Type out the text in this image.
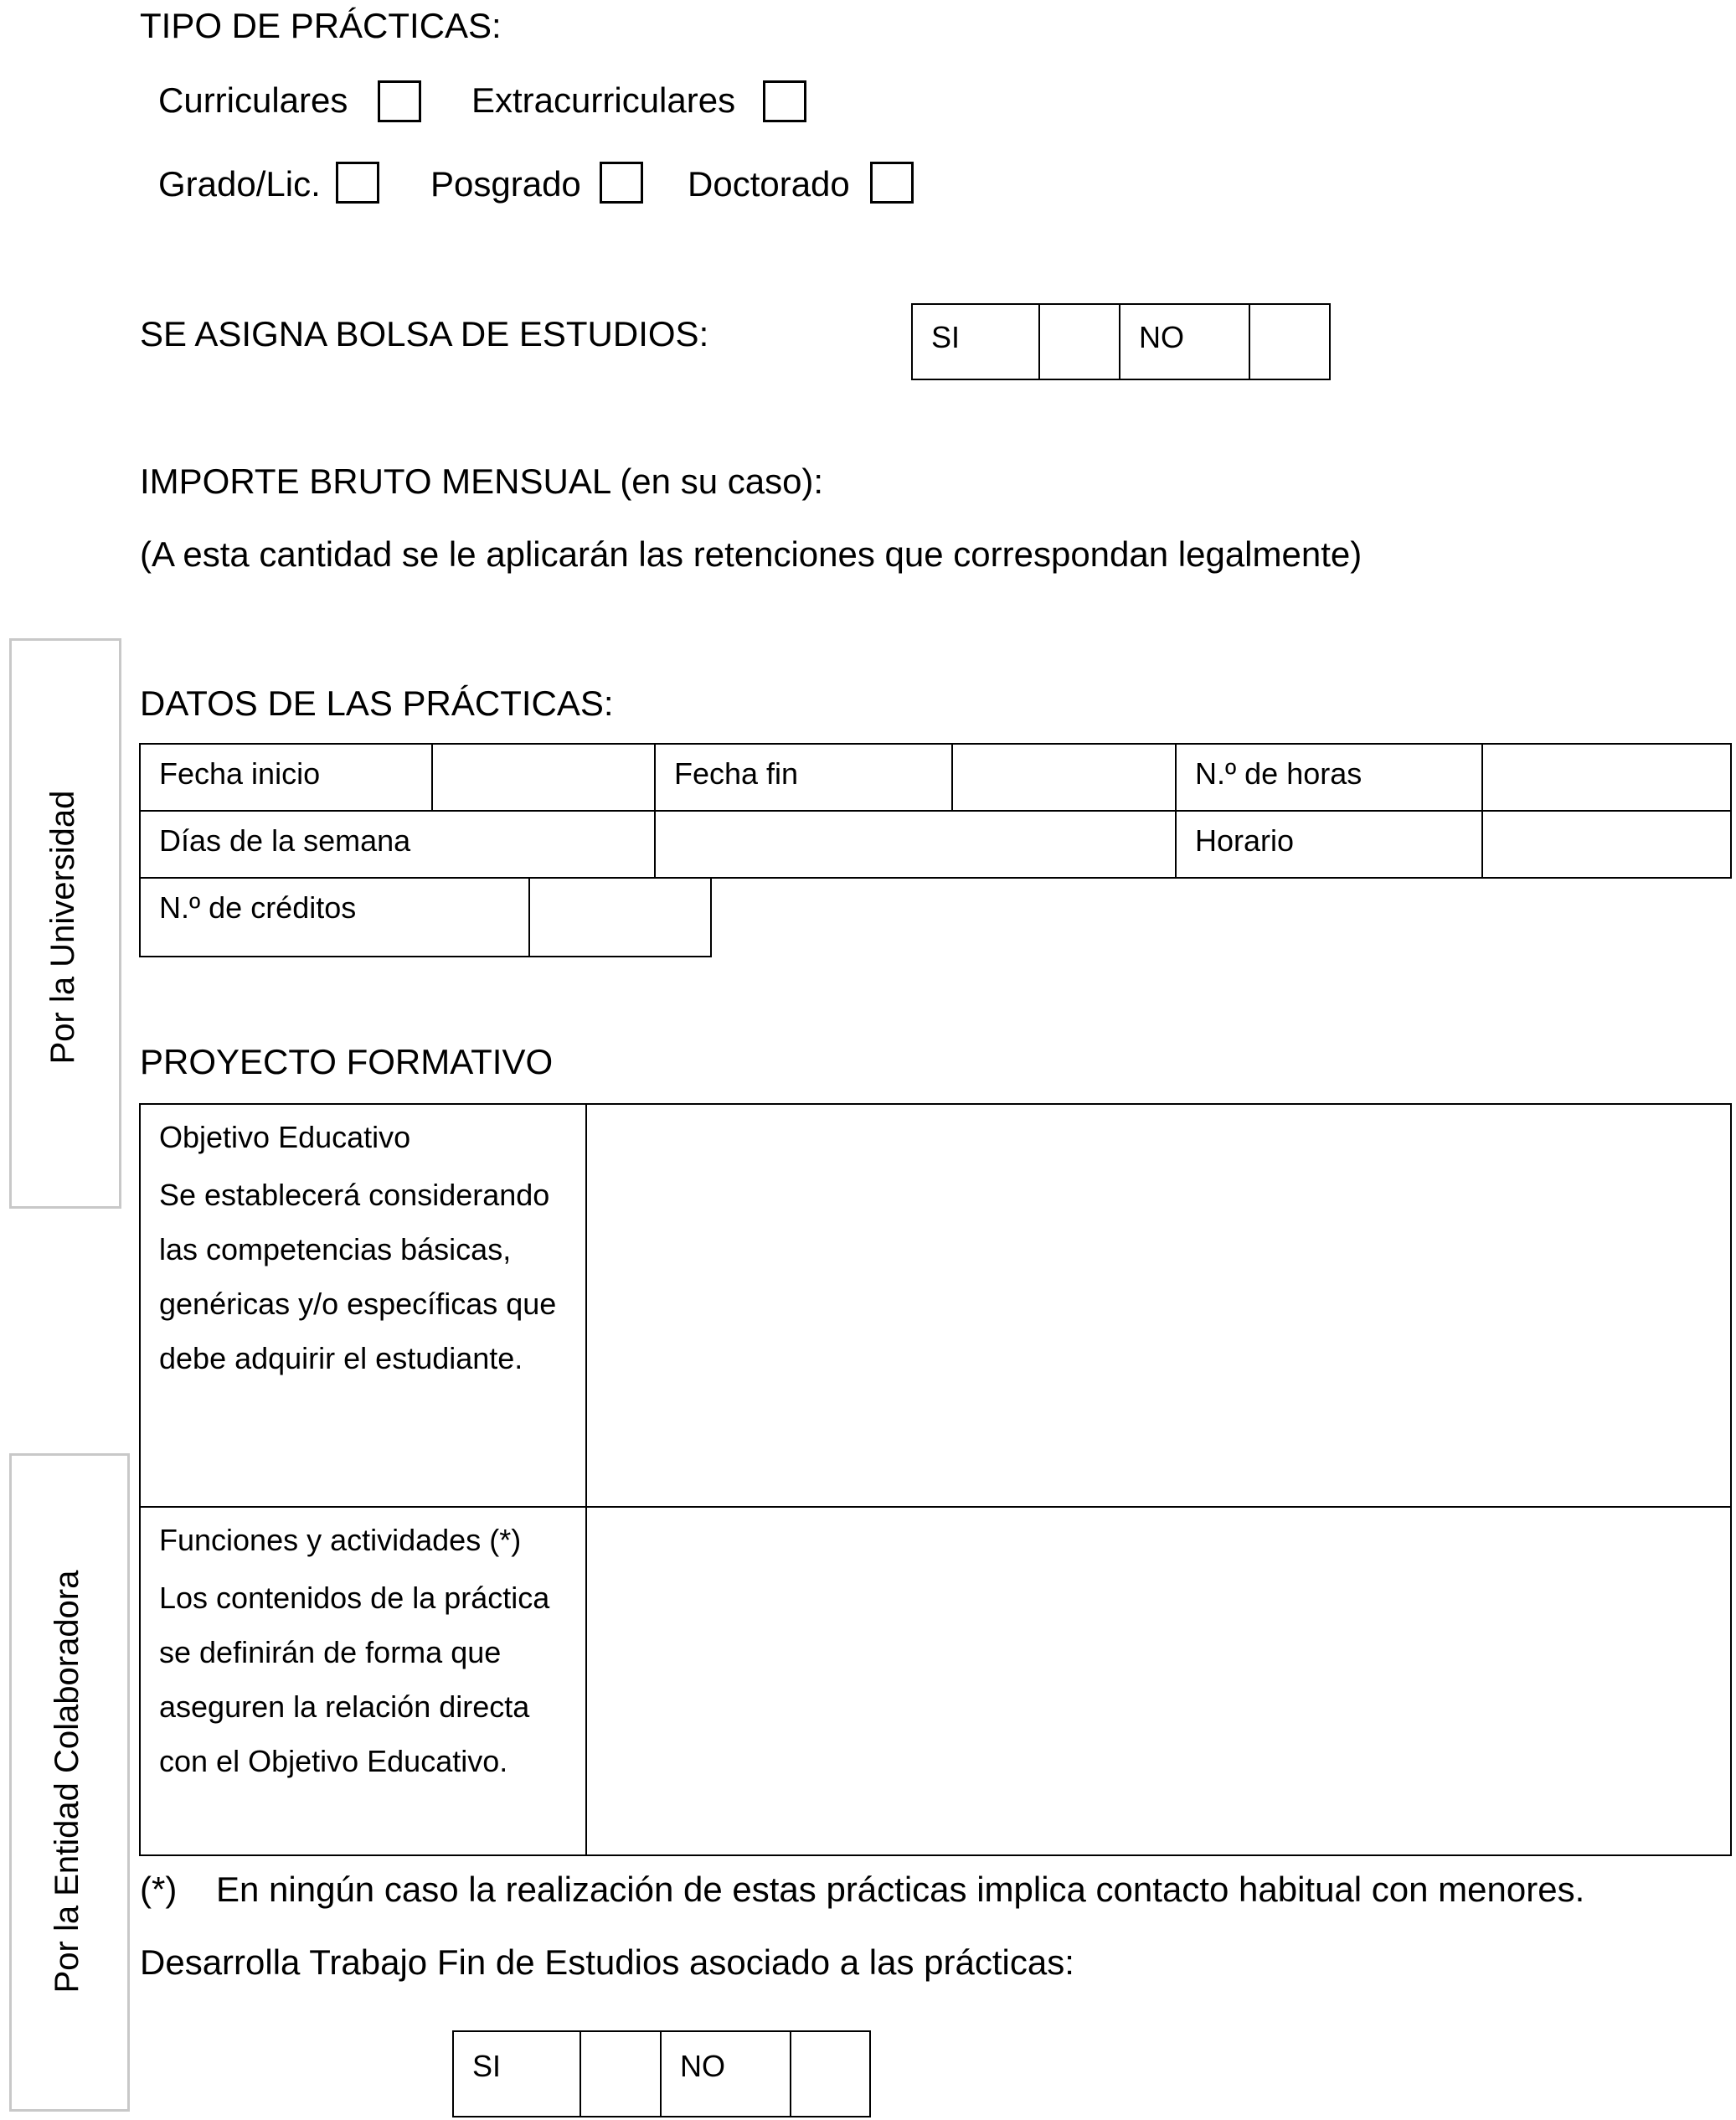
TIPO DE PRÁCTICAS:
Curriculares	Extracurriculares
Grado/Lic.	Posgrado	Doctorado
SE ASIGNA BOLSA DE ESTUDIOS:	SI		NO	
IMPORTE BRUTO MENSUAL (en su caso):
(A esta cantidad se le aplicarán las retenciones que correspondan legalmente)
Por la Universidad
Por la Entidad Colaboradora
DATOS DE LAS PRÁCTICAS:
Fecha inicio		Fecha fin		N.º de horas	
Días de la semana				Horario	
N.º de créditos	
PROYECTO FORMATIVO
Objetivo Educativo
Se establecerá considerando las competencias básicas, genéricas y/o específicas que debe adquirir el estudiante.	

Funciones y actividades (*)
Los contenidos de la práctica se definirán de forma que aseguren la relación directa con el Objetivo Educativo.	

(*) En ningún caso la realización de estas prácticas implica contacto habitual con menores.
Desarrolla Trabajo Fin de Estudios asociado a las prácticas:
SI		NO	
